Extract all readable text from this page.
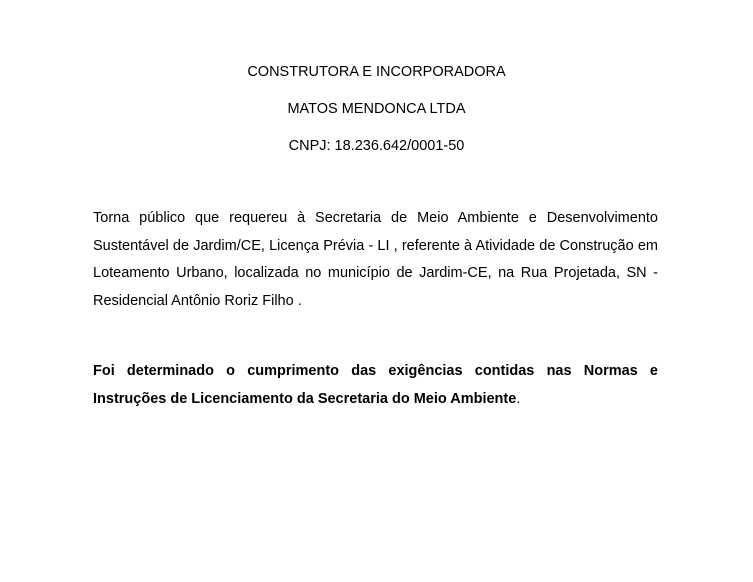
CONSTRUTORA E INCORPORADORA
MATOS MENDONCA LTDA
CNPJ: 18.236.642/0001-50

Torna público que requereu à Secretaria de Meio Ambiente e Desenvolvimento Sustentável de Jardim/CE, Licença Prévia - LI , referente à Atividade de Construção em Loteamento Urbano, localizada no município de Jardim-CE, na Rua Projetada, SN - Residencial Antônio Roriz Filho .

Foi determinado o cumprimento das exigências contidas nas Normas e Instruções de Licenciamento da Secretaria do Meio Ambiente.
